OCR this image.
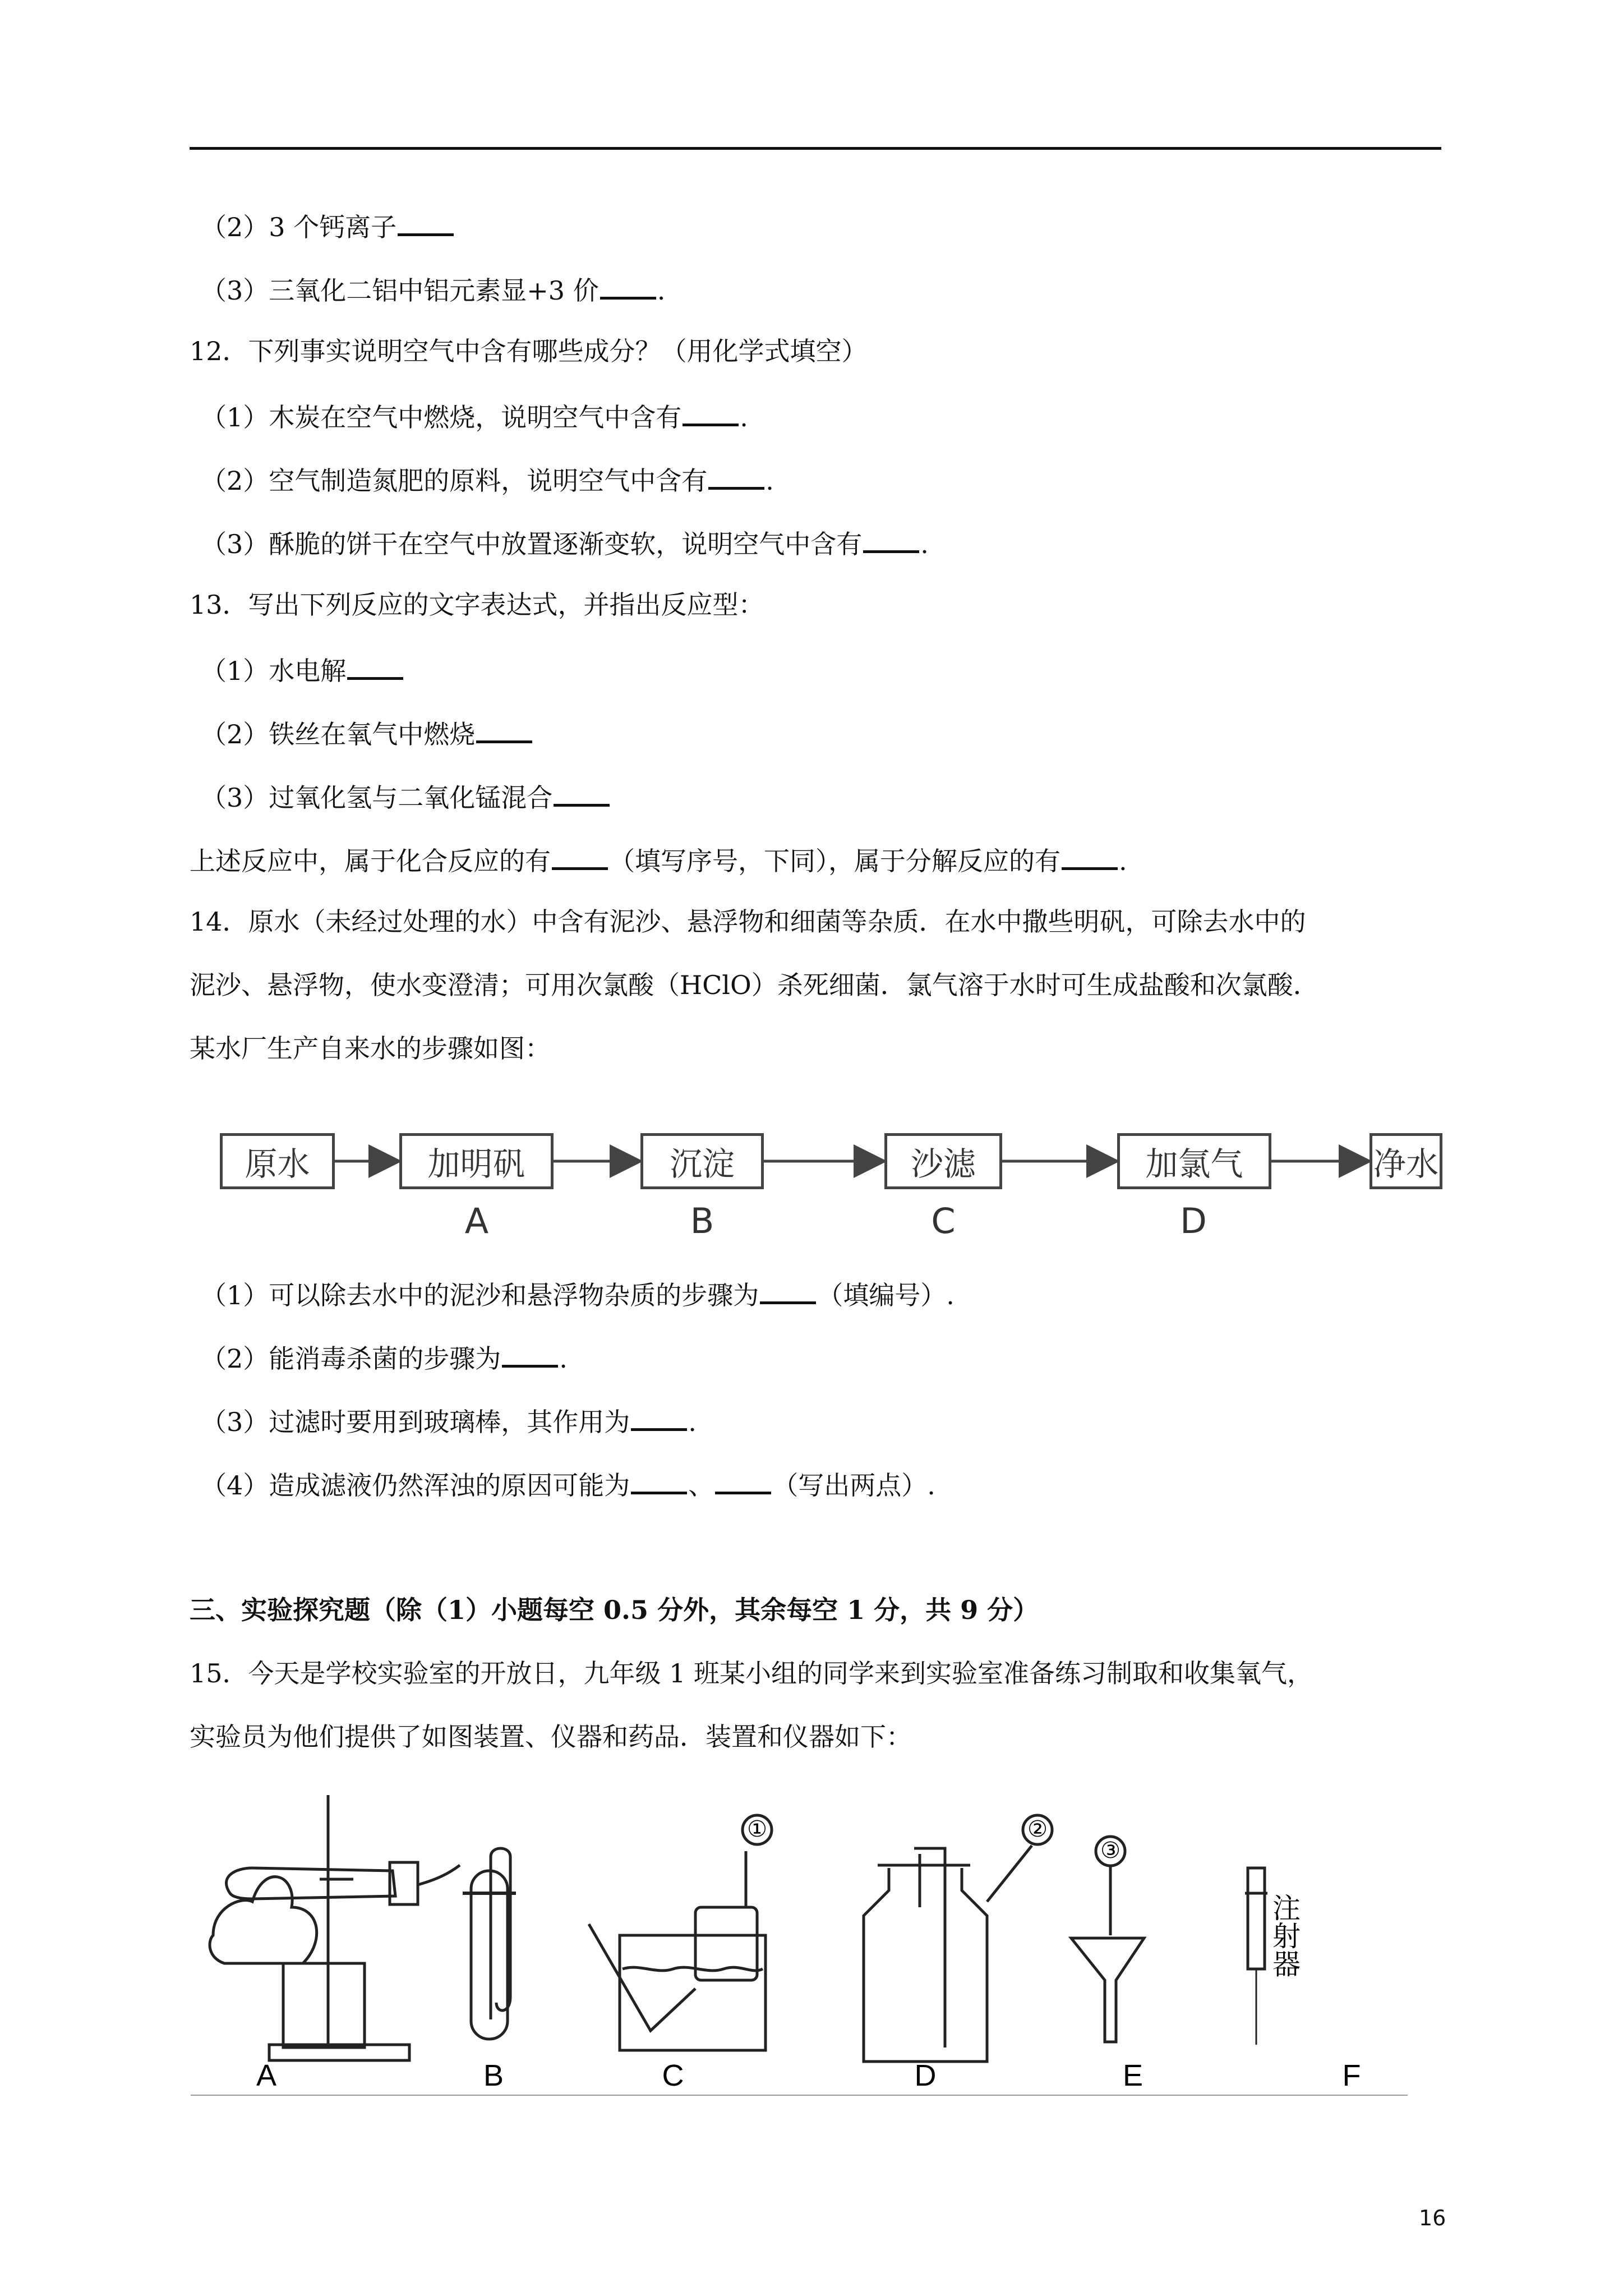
（2）3 个钙离子
（3）三氧化二铝中铝元素显+3 价 .
12．下列事实说明空气中含有哪些成分？（用化学式填空）
（1）木炭在空气中燃烧，说明空气中含有 .
（2）空气制造氮肥的原料，说明空气中含有 .
（3）酥脆的饼干在空气中放置逐渐变软，说明空气中含有 .
13．写出下列反应的文字表达式，并指出反应型：
（1）水电解
（2）铁丝在氧气中燃烧
（3）过氧化氢与二氧化锰混合
上述反应中，属于化合反应的有 （填写序号，下同），属于分解反应的有 .
14．原水（未经过处理的水）中含有泥沙、悬浮物和细菌等杂质．在水中撒些明矾，可除去水中的
泥沙、悬浮物，使水变澄清；可用次氯酸（HClO）杀死细菌．氯气溶于水时可生成盐酸和次氯酸．
某水厂生产自来水的步骤如图：
原水	加明矾	沉淀	沙滤	加氯气	净水
A	B	C	D
（1）可以除去水中的泥沙和悬浮物杂质的步骤为 （填编号）.
（2）能消毒杀菌的步骤为 .
（3）过滤时要用到玻璃棒，其作用为 .
（4）造成滤液仍然浑浊的原因可能为 、 （写出两点）.
三、实验探究题（除（1）小题每空 0.5 分外，其余每空 1 分，共 9 分）
15．今天是学校实验室的开放日，九年级 1 班某小组的同学来到实验室准备练习制取和收集氧气，
实验员为他们提供了如图装置、仪器和药品．装置和仪器如下：
①	②
③
注射器
A	B	C	D	E	F
16
